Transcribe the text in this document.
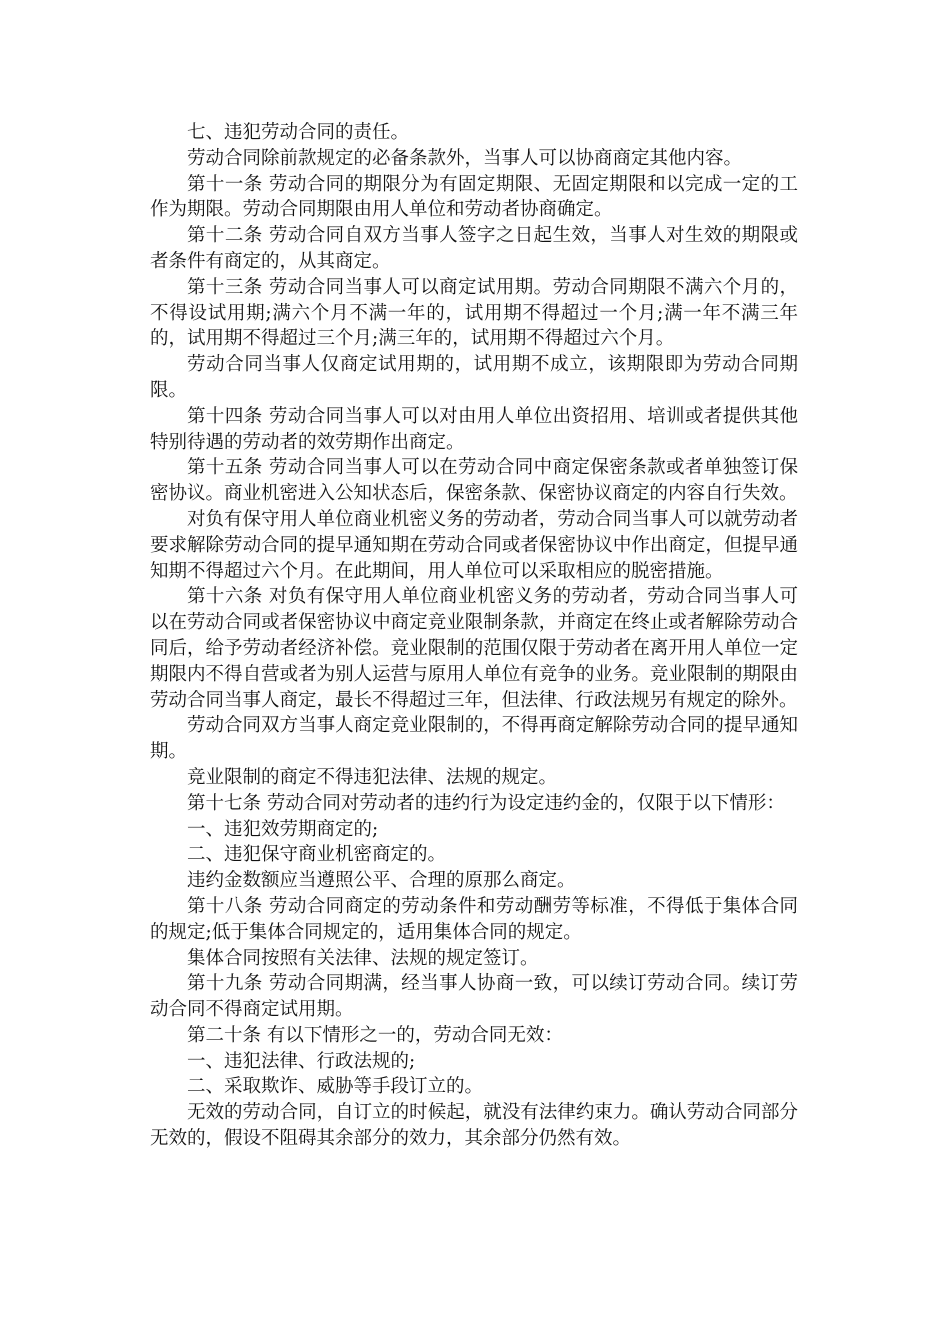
七、违犯劳动合同的责任。

劳动合同除前款规定的必备条款外，当事人可以协商商定其他内容。

第十一条 劳动合同的期限分为有固定期限、无固定期限和以完成一定的工作为期限。劳动合同期限由用人单位和劳动者协商确定。

第十二条 劳动合同自双方当事人签字之日起生效，当事人对生效的期限或者条件有商定的，从其商定。

第十三条 劳动合同当事人可以商定试用期。劳动合同期限不满六个月的，不得设试用期;满六个月不满一年的，试用期不得超过一个月;满一年不满三年的，试用期不得超过三个月;满三年的，试用期不得超过六个月。

劳动合同当事人仅商定试用期的，试用期不成立，该期限即为劳动合同期限。

第十四条 劳动合同当事人可以对由用人单位出资招用、培训或者提供其他特别待遇的劳动者的效劳期作出商定。

第十五条 劳动合同当事人可以在劳动合同中商定保密条款或者单独签订保密协议。商业机密进入公知状态后，保密条款、保密协议商定的内容自行失效。

对负有保守用人单位商业机密义务的劳动者，劳动合同当事人可以就劳动者要求解除劳动合同的提早通知期在劳动合同或者保密协议中作出商定，但提早通知期不得超过六个月。在此期间，用人单位可以采取相应的脱密措施。

第十六条 对负有保守用人单位商业机密义务的劳动者，劳动合同当事人可以在劳动合同或者保密协议中商定竞业限制条款，并商定在终止或者解除劳动合同后，给予劳动者经济补偿。竞业限制的范围仅限于劳动者在离开用人单位一定期限内不得自营或者为别人运营与原用人单位有竞争的业务。竞业限制的期限由劳动合同当事人商定，最长不得超过三年，但法律、行政法规另有规定的除外。

劳动合同双方当事人商定竞业限制的，不得再商定解除劳动合同的提早通知期。

竞业限制的商定不得违犯法律、法规的规定。

第十七条 劳动合同对劳动者的违约行为设定违约金的，仅限于以下情形：

一、违犯效劳期商定的;

二、违犯保守商业机密商定的。

违约金数额应当遵照公平、合理的原那么商定。

第十八条 劳动合同商定的劳动条件和劳动酬劳等标准，不得低于集体合同的规定;低于集体合同规定的，适用集体合同的规定。

集体合同按照有关法律、法规的规定签订。

第十九条 劳动合同期满，经当事人协商一致，可以续订劳动合同。续订劳动合同不得商定试用期。

第二十条 有以下情形之一的，劳动合同无效：

一、违犯法律、行政法规的;

二、采取欺诈、威胁等手段订立的。

无效的劳动合同，自订立的时候起，就没有法律约束力。确认劳动合同部分无效的，假设不阻碍其余部分的效力，其余部分仍然有效。
